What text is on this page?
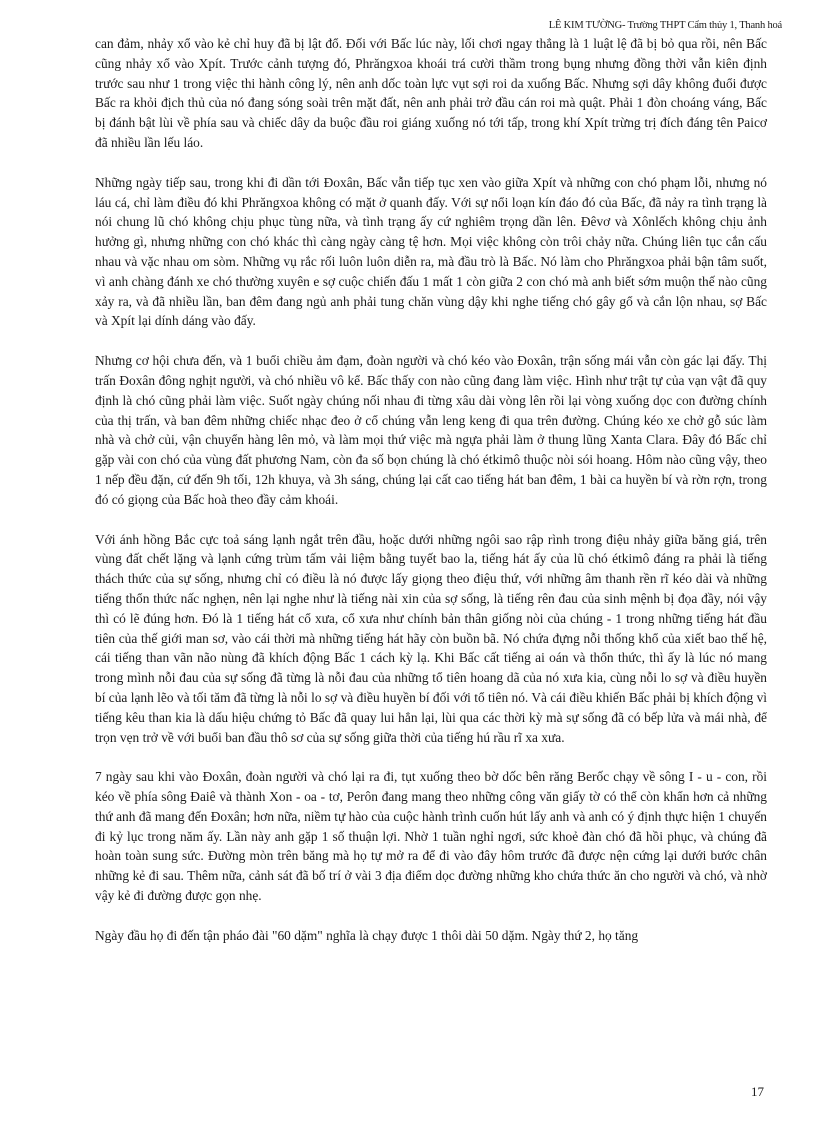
LÊ KIM TƯỜNG- Trường THPT Cẩm thủy 1, Thanh hoá

can đảm, nhảy xổ vào kẻ chỉ huy đã bị lật đổ. Đối với Bấc lúc này, lối chơi ngay thẳng là 1 luật lệ đã bị bỏ qua rồi, nên Bấc cũng nhảy xổ vào Xpít. Trước cảnh tượng đó, Phrăngxoa khoái trá cười thầm trong bụng nhưng đồng thời vẫn kiên định trước sau như 1 trong việc thi hành công lý, nên anh dốc toàn lực vụt sợi roi da xuống Bấc. Nhưng sợi dây không đuổi được Bấc ra khỏi địch thủ của nó đang sóng soài trên mặt đất, nên anh phải trở đầu cán roi mà quật. Phải 1 đòn choáng váng, Bấc bị đánh bật lùi về phía sau và chiếc dây da buộc đầu roi giáng xuống nó tới tấp, trong khí Xpít trừng trị đích đáng tên Paicơ đã nhiều lần lếu láo.

Những ngày tiếp sau, trong khi đi dần tới Đoxân, Bấc vẫn tiếp tục xen vào giữa Xpít và những con chó phạm lỗi, nhưng nó láu cá, chỉ làm điều đó khi Phrăngxoa không có mặt ở quanh đấy. Với sự nổi loạn kín đáo đó của Bấc, đã nảy ra tình trạng là nói chung lũ chó không chịu phục tùng nữa, và tình trạng ấy cứ nghiêm trọng dần lên. Đêvơ và Xônlếch không chịu ảnh hưởng gì, nhưng những con chó khác thì càng ngày càng tệ hơn. Mọi việc không còn trôi chảy nữa. Chúng liên tục cắn cấu nhau và vặc nhau om sòm. Những vụ rắc rối luôn luôn diễn ra, mà đầu trò là Bấc. Nó làm cho Phrăngxoa phải bận tâm suốt, vì anh chàng đánh xe chó thường xuyên e sợ cuộc chiến đấu 1 mất 1 còn giữa 2 con chó mà anh biết sớm muộn thế nào cũng xảy ra, và đã nhiều lần, ban đêm đang ngủ anh phải tung chăn vùng dậy khi nghe tiếng chó gây gổ và cắn lộn nhau, sợ Bấc và Xpít lại dính dáng vào đấy.

Nhưng cơ hội chưa đến, và 1 buổi chiều ảm đạm, đoàn người và chó kéo vào Đoxân, trận sống mái vẫn còn gác lại đấy. Thị trấn Đoxân đông nghịt người, và chó nhiều vô kể. Bấc thấy con nào cũng đang làm việc. Hình như trật tự của vạn vật đã quy định là chó cũng phải làm việc. Suốt ngày chúng nối nhau đi từng xâu dài vòng lên rồi lại vòng xuống dọc con đường chính của thị trấn, và ban đêm những chiếc nhạc đeo ở cổ chúng vẫn leng keng đi qua trên đường. Chúng kéo xe chở gỗ súc làm nhà và chở củi, vận chuyển hàng lên mỏ, và làm mọi thứ việc mà ngựa phải làm ở thung lũng Xanta Clara. Đây đó Bấc chỉ gặp vài con chó của vùng đất phương Nam, còn đa số bọn chúng là chó étkimô thuộc nòi sói hoang. Hôm nào cũng vậy, theo 1 nếp đều đặn, cứ đến 9h tối, 12h khuya, và 3h sáng, chúng lại cất cao tiếng hát ban đêm, 1 bài ca huyền bí và rờn rợn, trong đó có giọng của Bấc hoà theo đầy cảm khoái.

Với ánh hồng Bắc cực toả sáng lạnh ngắt trên đầu, hoặc dưới những ngôi sao rập rình trong điệu nhảy giữa băng giá, trên vùng đất chết lặng và lạnh cứng trùm tấm vải liệm bằng tuyết bao la, tiếng hát ấy của lũ chó étkimô đáng ra phải là tiếng thách thức của sự sống, nhưng chỉ có điều là nó được lấy giọng theo điệu thứ, với những âm thanh rền rĩ kéo dài và những tiếng thổn thức nấc nghẹn, nên lại nghe như là tiếng nài xin của sợ sống, là tiếng rên đau của sinh mệnh bị đọa đầy, nói vậy thì có lẽ đúng hơn. Đó là 1 tiếng hát cổ xưa, cổ xưa như chính bản thân giống nòi của chúng - 1 trong những tiếng hát đầu tiên của thế giới man sơ, vào cái thời mà những tiếng hát hãy còn buồn bã. Nó chứa đựng nỗi thống khổ của xiết bao thế hệ, cái tiếng than vãn não nùng đã khích động Bấc 1 cách kỳ lạ. Khi Bấc cất tiếng ai oán và thổn thức, thì ấy là lúc nó mang trong mình nỗi đau của sự sống đã từng là nỗi đau của những tổ tiên hoang dã của nó xưa kia, cùng nỗi lo sợ và điều huyền bí của lạnh lẽo và tối tăm đã từng là nỗi lo sợ và điều huyền bí đối với tổ tiên nó. Và cái điều khiến Bấc phải bị khích động vì tiếng kêu than kia là dấu hiệu chứng tỏ Bấc đã quay lui hẳn lại, lùi qua các thời kỳ mà sự sống đã có bếp lửa và mái nhà, để trọn vẹn trở về với buổi ban đầu thô sơ của sự sống giữa thời của tiếng hú rầu rĩ xa xưa.

7 ngày sau khi vào Đoxân, đoàn người và chó lại ra đi, tụt xuống theo bờ dốc bên răng Berốc chạy về sông I - u - con, rồi kéo về phía sông Đaiê và thành Xon - oa - tơ, Perôn đang mang theo những công văn giấy tờ có thể còn khẩn hơn cả những thứ anh đã mang đến Đoxân; hơn nữa, niềm tự hào của cuộc hành trình cuốn hút lấy anh và anh có ý định thực hiện 1 chuyến đi kỷ lục trong năm ấy. Lần này anh gặp 1 số thuận lợi. Nhờ 1 tuần nghỉ ngơi, sức khoẻ đàn chó đã hồi phục, và chúng đã hoàn toàn sung sức. Đường mòn trên băng mà họ tự mở ra để đi vào đây hôm trước đã được nện cứng lại dưới bước chân những kẻ đi sau. Thêm nữa, cảnh sát đã bố trí ở vài 3 địa điểm dọc đường những kho chứa thức ăn cho người và chó, và nhờ vậy kẻ đi đường được gọn nhẹ.

Ngày đầu họ đi đến tận pháo đài "60 dặm" nghĩa là chạy được 1 thôi dài 50 dặm. Ngày thứ 2, họ tăng

17
